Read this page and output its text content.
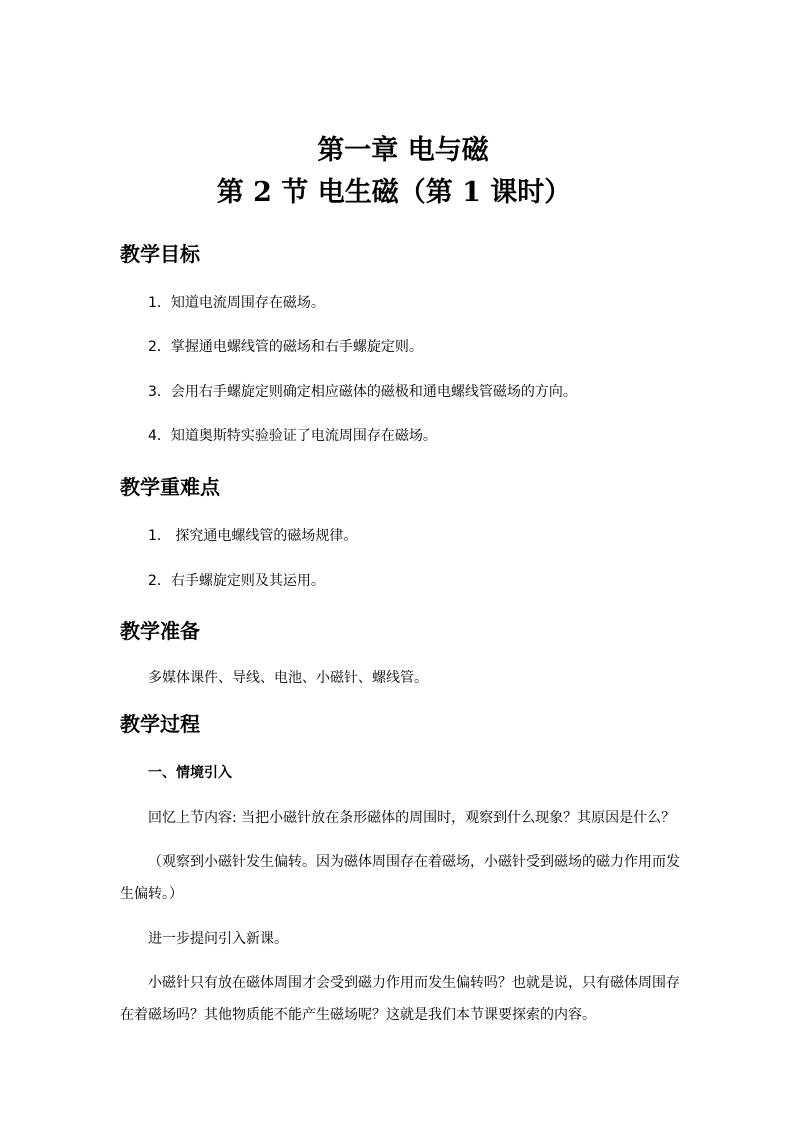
第一章 电与磁
第 2 节 电生磁（第 1 课时）
教学目标

1．知道电流周围存在磁场。

2．掌握通电螺线管的磁场和右手螺旋定则。

3．会用右手螺旋定则确定相应磁体的磁极和通电螺线管磁场的方向。

4．知道奥斯特实验验证了电流周围存在磁场。

教学重难点

1． 探究通电螺线管的磁场规律。

2．右手螺旋定则及其运用。

教学准备

多媒体课件、导线、电池、小磁针、螺线管。

教学过程

一、情境引入

回忆上节内容: 当把小磁针放在条形磁体的周围时，观察到什么现象？其原因是什么？

（观察到小磁针发生偏转。因为磁体周围存在着磁场，小磁针受到磁场的磁力作用而发生偏转。）

进一步提问引入新课。

小磁针只有放在磁体周围才会受到磁力作用而发生偏转吗？也就是说，只有磁体周围存在着磁场吗？其他物质能不能产生磁场呢？这就是我们本节课要探索的内容。
